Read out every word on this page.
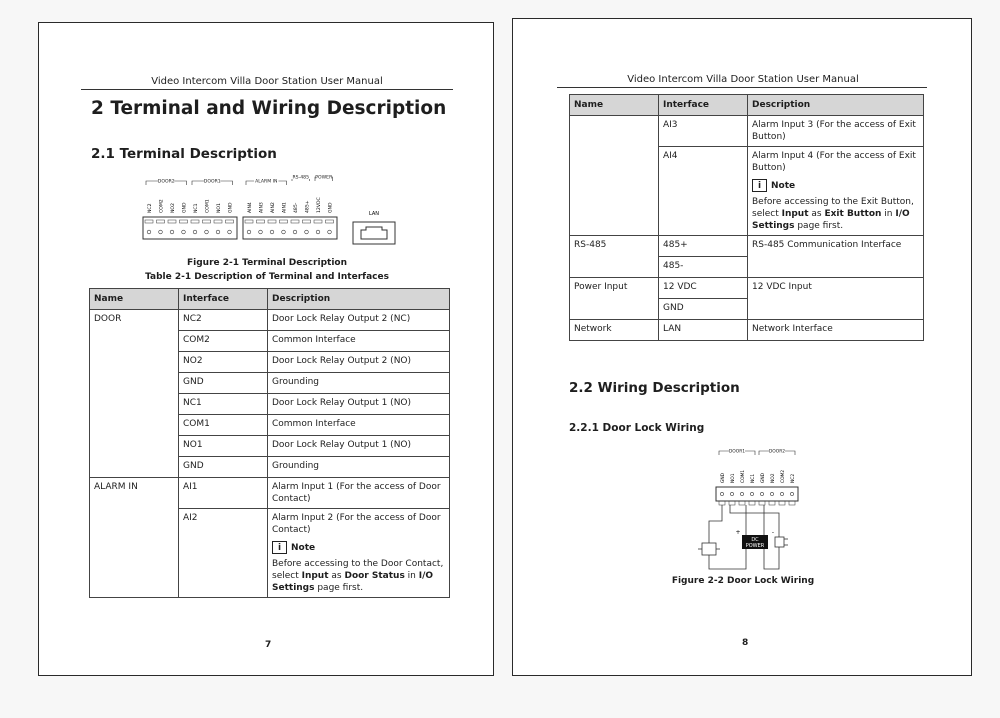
Video Intercom Villa Door Station User Manual
2 Terminal and Wiring Description
2.1 Terminal Description
DOOR2	DOOR1	ALARM IN
RS-485 POWER
NC2 COM2 NO2 GND NC1 COM1 NO1 GND	AIN4 AIN3 AIN2 AIN1 485- 485+ 12VDC GND
LAN
Figure 2-1 Terminal Description
Table 2-1 Description of Terminal and Interfaces
Name	Interface	Description
DOOR	NC2	Door Lock Relay Output 2 (NC)
	COM2	Common Interface
	NO2	Door Lock Relay Output 2 (NO)
	GND	Grounding
	NC1	Door Lock Relay Output 1 (NO)
	COM1	Common Interface
	NO1	Door Lock Relay Output 1 (NO)
	GND	Grounding
ALARM IN	AI1	Alarm Input 1 (For the access of Door Contact)
	AI2	Alarm Input 2 (For the access of Door Contact)
i Note
Before accessing to the Door Contact, select Input as Door Status in I/O Settings page first.
7
Video Intercom Villa Door Station User Manual
Name	Interface	Description
	AI3	Alarm Input 3 (For the access of Exit Button)
	AI4	Alarm Input 4 (For the access of Exit Button)
i Note
Before accessing to the Exit Button, select Input as Exit Button in I/O Settings page first.

RS-485	485+	RS-485 Communication Interface
	485-	
Power Input	12 VDC	12 VDC Input
	GND	
Network	LAN	Network Interface
2.2 Wiring Description
2.2.1 Door Lock Wiring
DOOR1	DOOR2
GND NO1 COM1 NC1 GND NO2 COM2 NC2
DC
POWER
+	-
Figure 2-2 Door Lock Wiring
8
